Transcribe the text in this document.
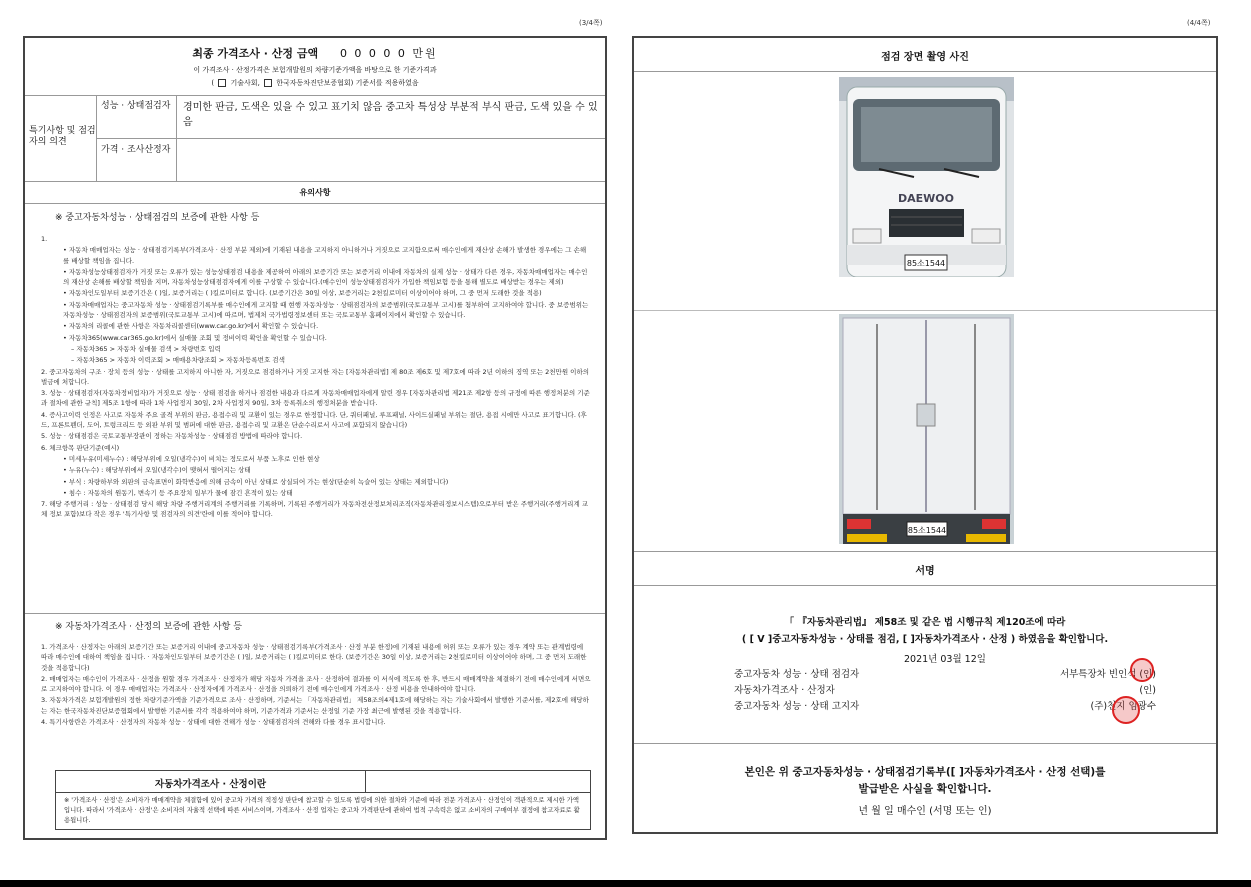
(3/4쪽)	(4/4쪽)
최종 가격조사 · 산정 금액 0 0 0 0 0 만원
이 가격조사 · 산정가격은 보험개발원의 차량기준가액을 바탕으로 한 기준가격과
(  기술사회,  한국자동차진단보증협회) 기준서를 적용하였음
특기사항 및 점검자의 의견
성능 · 상태점검자	경미한 판금, 도색은 있을 수 있고 표기치 않음 중고차 특성상 부분적 부식 판금, 도색 있을 수 있음
가격 · 조사산정자
유의사항
※ 중고자동차성능 · 상태점검의 보증에 관한 사항 등
1.
• 자동차 매매업자는 성능 · 상태점검기록부(가격조사 · 산정 부분 제외)에 기재된 내용을 고지하지 아니하거나 거짓으로 고지함으로써 매수인에게 재산상 손해가 발생한 경우에는 그 손해를 배상할 책임을 집니다.
• 자동차성능상태점검자가 거짓 또는 오류가 있는 성능상태점검 내용을 제공하여 아래의 보증기간 또는 보증거리 이내에 자동차의 실제 성능 · 상태가 다른 경우, 자동차매매업자는 매수인의 재산상 손해를 배상할 책임을 지며, 자동차성능상태점검자에게 이를 구상할 수 있습니다.(매수인이 성능상태점검자가 가입한 책임보험 등을 통해 별도로 배상받는 경우는 제외)
• 자동차인도일부터 보증기간은 ( )일, 보증거리는 ( )킬로미터로 합니다. (보증기간은 30일 이상, 보증거리는 2천킬로미터 이상이어야 하며, 그 중 먼저 도래한 것을 적용)
• 자동차매매업자는 중고자동차 성능 · 상태점검기록부를 매수인에게 고지할 때 현행 자동차성능 · 상태점검자의 보증범위(국토교통부 고시)를 첨부하여 고지하여야 합니다. 중 보증범위는 자동차성능 · 상태점검자의 보증범위(국토교통부 고시)에 따르며, 법제처 국가법령정보센터 또는 국토교통부 홈페이지에서 확인할 수 있습니다.
• 자동차의 리콜에 관한 사항은 자동차리콜센터(www.car.go.kr)에서 확인할 수 있습니다.
• 자동차365(www.car365.go.kr)에서 실매물 조회 및 정비이력 확인을 확인할 수 있습니다.
– 자동차365 > 자동차 실매물 검색 > 차량번호 입력
– 자동차365 > 자동차 이력조회 > 매매용차량조회 > 자동차등록번호 검색
2. 중고자동차의 구조 · 장치 등의 성능 · 상태를 고지하지 아니한 자, 거짓으로 점검하거나 거짓 고지한 자는 [자동차관리법] 제 80조 제6호 및 제7호에 따라 2년 이하의 징역 또는 2천만원 이하의 벌금에 처합니다.
3. 성능 · 상태점검자(자동차정비업자)가 거짓으로 성능 · 상태 점검을 하거나 점검한 내용과 다르게 자동차매매업자에게 알린 경우 [자동차관리법 제21조 제2항 등의 규정에 따른 행정처분의 기준과 절차에 관한 규칙] 제5조 1항에 따라 1차 사업정지 30일, 2차 사업정지 90일, 3차 등록취소의 행정처분을 받습니다.
4. 증사고이력 인정은 사고로 자동차 주요 골격 부위의 판금, 용접수리 및 교환이 있는 경우로 한정합니다. 단, 쿼터패널, 루프패널, 사이드실패널 부위는 절단, 용접 시에만 사고로 표기합니다. (후드, 프론트펜더, 도어, 트렁크리드 등 외판 부위 및 범퍼에 대한 판금, 용접수리 및 교환은 단순수리로서 사고에 포함되지 않습니다)
5. 성능 · 상태점검은 국토교통부장관이 정하는 자동차성능 · 상태점검 방법에 따라야 합니다.
6. 체크항목 판단기준(예시)
• 미세누유(미세누수) : 해당부위에 오일(냉각수)이 비치는 정도로서 부품 노후로 인한 현상
• 누유(누수) : 해당부위에서 오일(냉각수)이 맺혀서 떨어지는 상태
• 부식 : 차량하부와 외판의 금속표면이 화학반응에 의해 금속이 아닌 상태로 상실되어 가는 현상(단순히 녹슬어 있는 상태는 제외합니다)
• 침수 : 자동차의 원동기, 변속기 등 주요장치 일부가 물에 잠긴 흔적이 있는 상태
7. 해당 주행거리 : 성능 · 상태점검 당시 해당 차량 주행거리계의 주행거리를 기록하며, 기록된 주행거리가 자동차전산정보처리조직(자동차관리정보시스템)으로부터 받은 주행거리(주행거리계 교체 정보 포함)보다 작은 경우 '특기사항 및 점검자의 의견'란에 이를 적어야 합니다.
※ 자동차가격조사 · 산정의 보증에 관한 사항 등
1. 가격조사 · 산정자는 아래의 보증기간 또는 보증거리 이내에 중고자동차 성능 · 상태점검기록부(가격조사 · 산정 부분 한정)에 기재된 내용에 허위 또는 오류가 있는 경우 계약 또는 관계법령에 따라 매수인에 대하여 책임을 집니다. · 자동차인도일부터 보증기간은 ( )일, 보증거리는 ( )킬로미터로 한다. (보증기간은 30일 이상, 보증거리는 2천킬로미터 이상이어야 하며, 그 중 먼저 도래한 것을 적용합니다)
2. 매매업자는 매수인이 가격조사 · 산정을 원할 경우 가격조사 · 산정자가 해당 자동차 가격을 조사 · 산정하여 결과를 이 서식에 적도록 한 후, 반드시 매매계약을 체결하기 전에 매수인에게 서면으로 고지하여야 합니다. 이 경우 매매업자는 가격조사 · 산정자에게 가격조사 · 산정을 의뢰하기 전에 매수인에게 가격조사 · 산정 비용을 안내하여야 합니다.
3. 자동차가격은 보험개발원의 정한 차량기준가액을 기준가격으로 조사 · 산정하며, 기준서는 「자동차관리법」 제58조의4제1호에 해당하는 자는 기술사회에서 발행한 기준서를, 제2호에 해당하는 자는 한국자동차진단보증협회에서 발행한 기준서를 각각 적용하여야 하며, 기준가격과 기준서는 산정일 기준 가장 최근에 발행된 것을 적용합니다.
4. 특기사항란은 가격조사 · 산정자의 자동차 성능 · 상태에 대한 견해가 성능 · 상태점검자의 견해와 다를 경우 표시합니다.
자동차가격조사 · 산정이란
※ '가격조사 · 산정'은 소비자가 매매계약을 체결함에 있어 중고차 가격의 적정성 판단에 참고할 수 있도록 법령에 의한 절차와 기준에 따라 전문 가격조사 · 산정인이 객관적으로 제시한 가액입니다. 따라서 '가격조사 · 산정'은 소비자의 자율적 선택에 따른 서비스이며, 가격조사 · 산정 업자는 중고차 가격판단에 관하여 법적 구속력은 없고 소비자의 구매여부 결정에 참고자료로 활용됩니다.
점검 장면 촬영 사진
DAEWOO
85소1544
85소1544
서명
「 『자동차관리법』 제58조 및 같은 법 시행규칙 제120조에 따라
( [ V ]중고자동차성능 · 상태를 점검, [ ]자동차가격조사 · 산정 ) 하였음을 확인합니다.
2021년 03월 12일
중고자동차 성능 · 상태 점검자	서부특장차 빈인석 (인)
자동차가격조사 · 산정자	(인)
중고자동차 성능 · 상태 고지자	(주)천지 임광수
본인은 위 중고자동차성능 · 상태점검기록부([ ]자동차가격조사 · 산정 선택)를
발급받은 사실을 확인합니다.
년 월 일 매수인 (서명 또는 인)
